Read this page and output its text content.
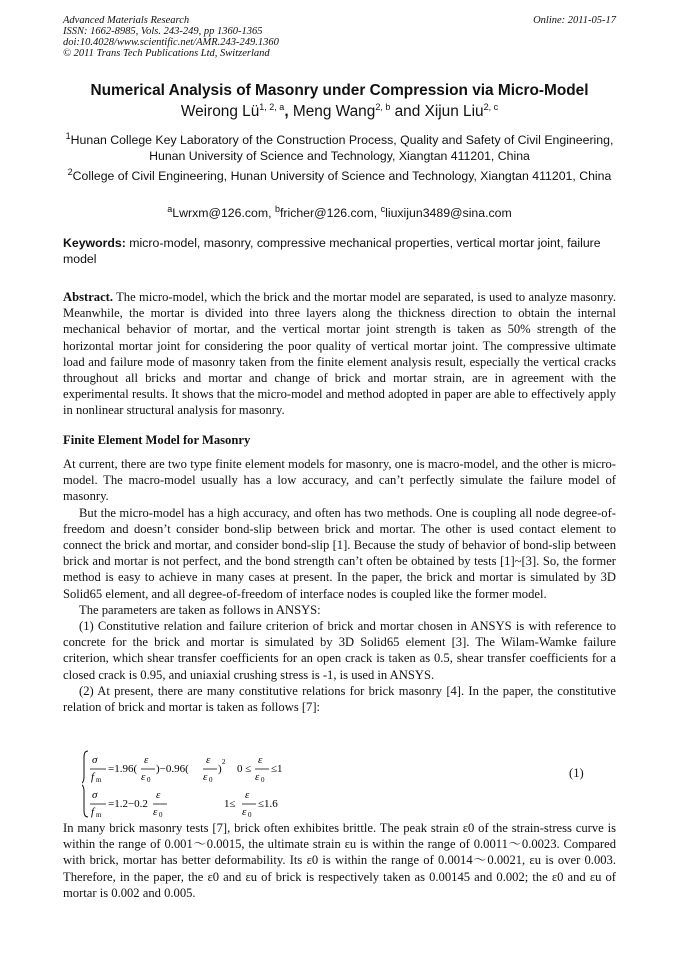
Advanced Materials Research
ISSN: 1662-8985, Vols. 243-249, pp 1360-1365
doi:10.4028/www.scientific.net/AMR.243-249.1360
© 2011 Trans Tech Publications Ltd, Switzerland
Online: 2011-05-17
Numerical Analysis of Masonry under Compression via Micro-Model
Weirong Lü$^{1, 2, a}$, Meng Wang$^{2, b}$ and Xijun Liu$^{2, c}$
$^1$Hunan College Key Laboratory of the Construction Process, Quality and Safety of Civil Engineering, Hunan University of Science and Technology, Xiangtan 411201, China
$^2$College of Civil Engineering, Hunan University of Science and Technology, Xiangtan 411201, China
$^a$Lwrxm@126.com, $^b$fricher@126.com, $^c$liuxijun3489@sina.com
Keywords: micro-model, masonry, compressive mechanical properties, vertical mortar joint, failure model

Abstract. The micro-model, which the brick and the mortar model are separated, is used to analyze masonry. Meanwhile, the mortar is divided into three layers along the thickness direction to obtain the internal mechanical behavior of mortar, and the vertical mortar joint strength is taken as 50% strength of the horizontal mortar joint for considering the poor quality of vertical mortar joint. The compressive ultimate load and failure mode of masonry taken from the finite element analysis result, especially the vertical cracks throughout all bricks and mortar and change of brick and mortar strain, are in agreement with the experimental results. It shows that the micro-model and method adopted in paper are able to effectively apply in nonlinear structural analysis for masonry.

Finite Element Model for Masonry

At current, there are two type finite element models for masonry, one is macro-model, and the other is micro-model. The macro-model usually has a low accuracy, and can’t perfectly simulate the failure model of masonry.

But the micro-model has a high accuracy, and often has two methods. One is coupling all node degree-of-freedom and doesn’t consider bond-slip between brick and mortar. The other is used contact element to connect the brick and mortar, and consider bond-slip [1]. Because the study of behavior of bond-slip between brick and mortar is not perfect, and the bond strength can’t often be obtained by tests [1]~[3]. So, the former method is easy to achieve in many cases at present. In the paper, the brick and mortar is simulated by 3D Solid65 element, and all degree-of-freedom of interface nodes is coupled like the former model.

The parameters are taken as follows in ANSYS:

(1) Constitutive relation and failure criterion of brick and mortar chosen in ANSYS is with reference to concrete for the brick and mortar is simulated by 3D Solid65 element [3]. The Wilam-Wamke failure criterion, which shear transfer coefficients for an open crack is taken as 0.5, shear transfer coefficients for a closed crack is 0.95, and uniaxial crushing stress is -1, is used in ANSYS.

(2) At present, there are many constitutive relations for brick masonry [4]. In the paper, the constitutive relation of brick and mortar is taken as follows [7]:

σ
f m
=1.96(
ε
ε 0
)−0.96(
ε
ε 0
)
2
0 ≤
ε
ε 0
≤1
σ
f m
=1.2−0.2
ε
ε 0
1≤
ε
ε 0
≤1.6
(1)

In many brick masonry tests [7], brick often exhibites brittle. The peak strain ε0 of the strain-stress curve is within the range of 0.001～0.0015, the ultimate strain εu is within the range of 0.0011～0.0023. Compared with brick, mortar has better deformability. Its ε0 is within the range of 0.0014～0.0021, εu is over 0.003. Therefore, in the paper, the ε0 and εu of brick is respectively taken as 0.00145 and 0.002; the ε0 and εu of mortar is 0.002 and 0.005.
